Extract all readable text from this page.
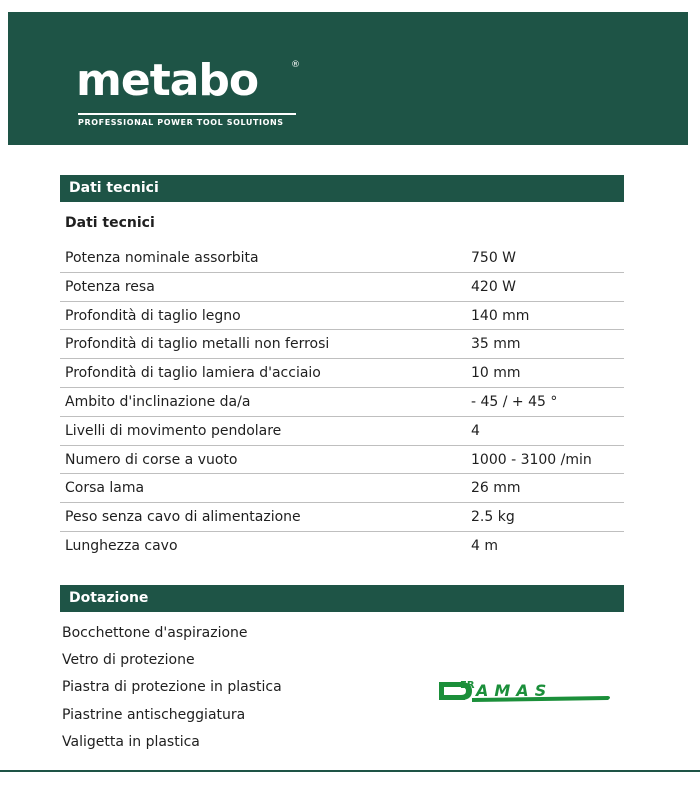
metabo	®
PROFESSIONAL POWER TOOL SOLUTIONS
Dati tecnici
Dati tecnici
Potenza nominale assorbita	750 W
Potenza resa	420 W
Profondità di taglio legno	140 mm
Profondità di taglio metalli non ferrosi	35 mm
Profondità di taglio lamiera d'acciaio	10 mm
Ambito d'inclinazione da/a	- 45 / + 45 °
Livelli di movimento pendolare	4
Numero di corse a vuoto	1000 - 3100 /min
Corsa lama	26 mm
Peso senza cavo di alimentazione	2.5 kg
Lunghezza cavo	4 m
Dotazione
Bocchettone d'aspirazione
Vetro di protezione
Piastra di protezione in plastica
Piastrine antischeggiatura
Valigetta in plastica
ER AMAS
